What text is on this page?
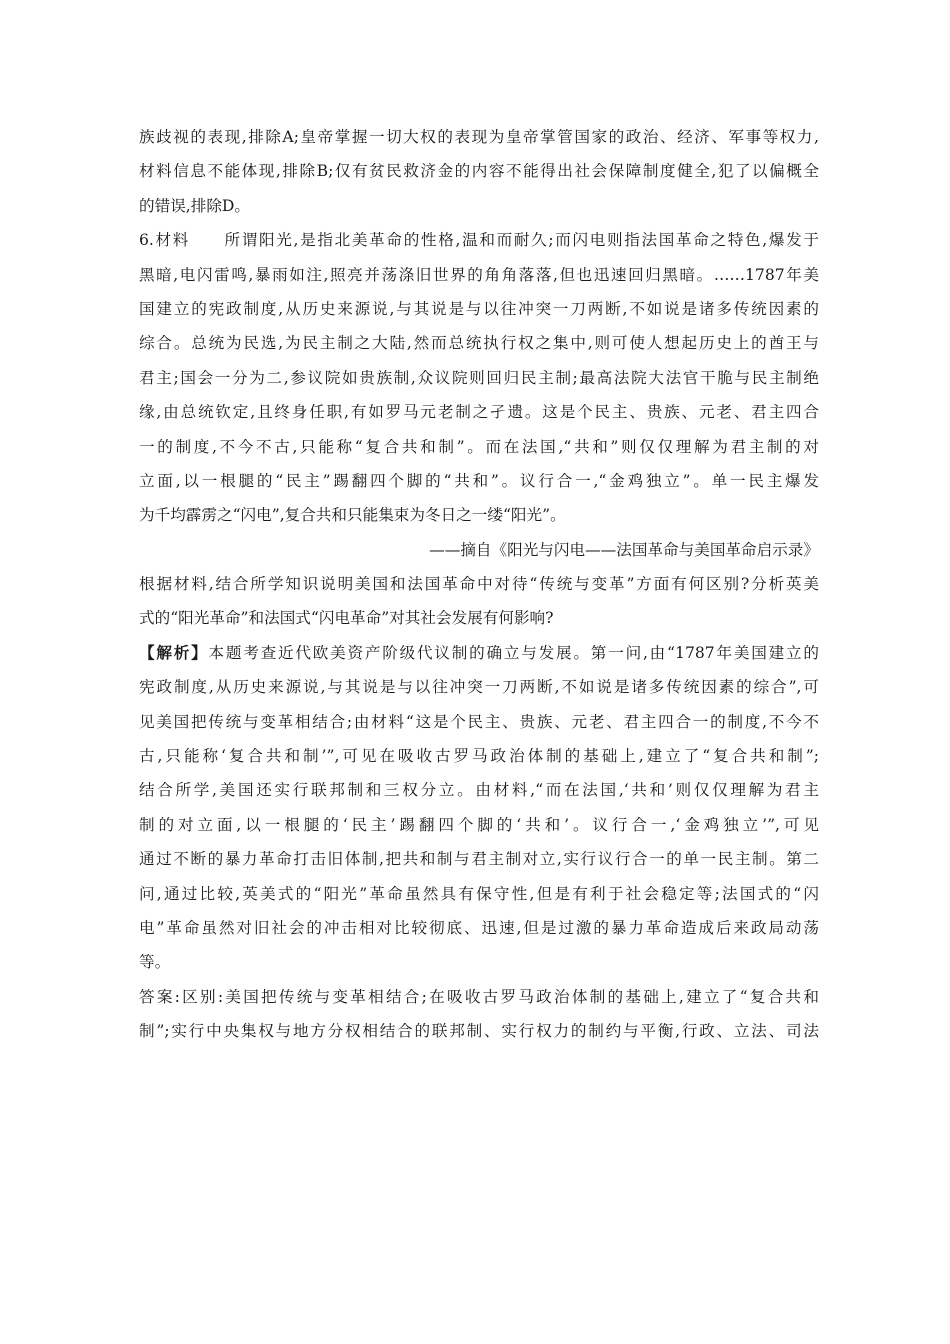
族歧视的表现,排除A;皇帝掌握一切大权的表现为皇帝掌管国家的政治、经济、军事等权力,
材料信息不能体现,排除B;仅有贫民救济金的内容不能得出社会保障制度健全,犯了以偏概全
的错误,排除D。
6.材料　　所谓阳光,是指北美革命的性格,温和而耐久;而闪电则指法国革命之特色,爆发于
黑暗,电闪雷鸣,暴雨如注,照亮并荡涤旧世界的角角落落,但也迅速回归黑暗。……1787年美
国建立的宪政制度,从历史来源说,与其说是与以往冲突一刀两断,不如说是诸多传统因素的
综合。总统为民选,为民主制之大陆,然而总统执行权之集中,则可使人想起历史上的酋王与
君主;国会一分为二,参议院如贵族制,众议院则回归民主制;最高法院大法官干脆与民主制绝
缘,由总统钦定,且终身任职,有如罗马元老制之孑遗。这是个民主、贵族、元老、君主四合
一的制度,不今不古,只能称“复合共和制”。而在法国,“共和”则仅仅理解为君主制的对
立面,以一根腿的“民主”踢翻四个脚的“共和”。议行合一,“金鸡独立”。单一民主爆发
为千均霹雳之“闪电”,复合共和只能集束为冬日之一缕“阳光”。
——摘自《阳光与闪电——法国革命与美国革命启示录》
根据材料,结合所学知识说明美国和法国革命中对待“传统与变革”方面有何区别?分析英美
式的“阳光革命”和法国式“闪电革命”对其社会发展有何影响?
【解析】本题考查近代欧美资产阶级代议制的确立与发展。第一问,由“1787年美国建立的
宪政制度,从历史来源说,与其说是与以往冲突一刀两断,不如说是诸多传统因素的综合”,可
见美国把传统与变革相结合;由材料“这是个民主、贵族、元老、君主四合一的制度,不今不
古,只能称‘复合共和制’”,可见在吸收古罗马政治体制的基础上,建立了“复合共和制”;
结合所学,美国还实行联邦制和三权分立。由材料,“而在法国,‘共和’则仅仅理解为君主
制的对立面,以一根腿的‘民主’踢翻四个脚的‘共和’。议行合一,‘金鸡独立’”,可见
通过不断的暴力革命打击旧体制,把共和制与君主制对立,实行议行合一的单一民主制。第二
问,通过比较,英美式的“阳光”革命虽然具有保守性,但是有利于社会稳定等;法国式的“闪
电”革命虽然对旧社会的冲击相对比较彻底、迅速,但是过激的暴力革命造成后来政局动荡
等。
答案:区别:美国把传统与变革相结合;在吸收古罗马政治体制的基础上,建立了“复合共和
制”;实行中央集权与地方分权相结合的联邦制、实行权力的制约与平衡,行政、立法、司法
